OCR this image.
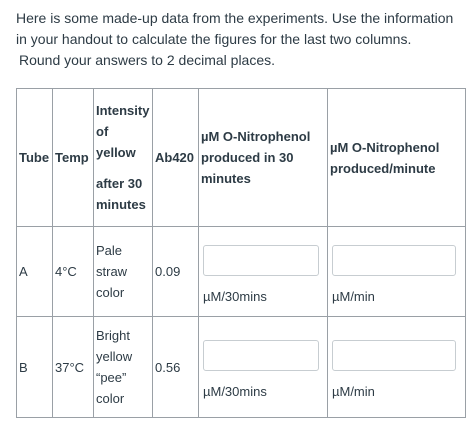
Here is some made-up data from the experiments. Use the information
in your handout to calculate the figures for the last two columns.
Round your answers to 2 decimal places.

Tube	Temp	Intensity
of
yellow
after 30
minutes	Ab420	µM O-Nitrophenol
produced in 30
minutes	µM O-Nitrophenol
produced/minute

A	4°C	Pale
straw
color	0.09	µM/30mins	µM/min

B	37°C	Bright
yellow
“pee”
color	0.56	µM/30mins	µM/min
